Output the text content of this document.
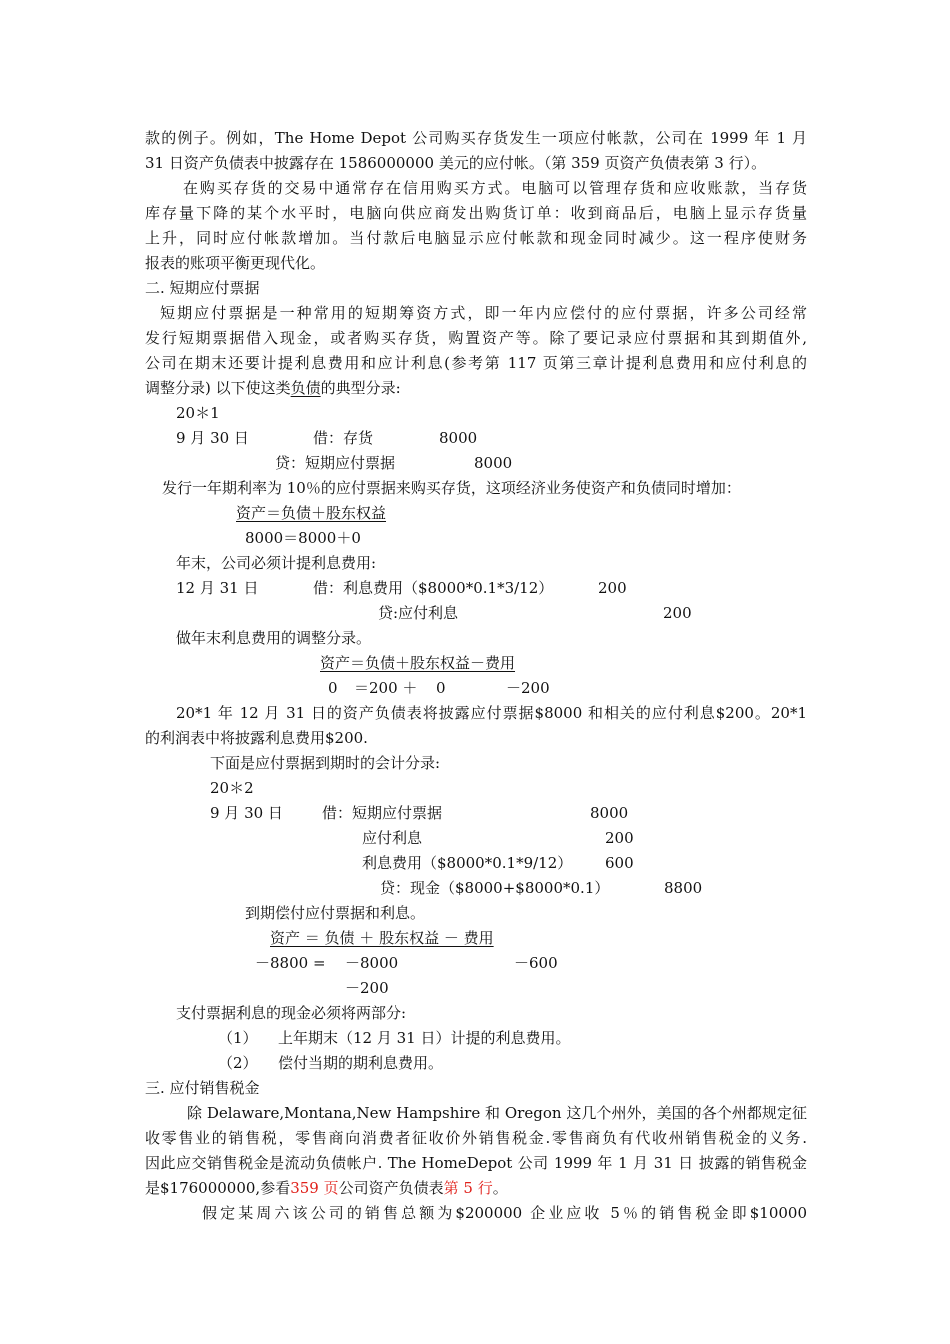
款的例子。例如，The Home Depot 公司购买存货发生一项应付帐款，公司在 1999 年 1 月
31 日资产负债表中披露存在 1586000000 美元的应付帐。（第 359 页资产负债表第 3 行）。
在购买存货的交易中通常存在信用购买方式。电脑可以管理存货和应收账款，当存货
库存量下降的某个水平时，电脑向供应商发出购货订单：收到商品后，电脑上显示存货量
上升，同时应付帐款增加。当付款后电脑显示应付帐款和现金同时减少。这一程序使财务
报表的账项平衡更现代化。
二. 短期应付票据
短期应付票据是一种常用的短期筹资方式，即一年内应偿付的应付票据，许多公司经常
发行短期票据借入现金，或者购买存货，购置资产等。除了要记录应付票据和其到期值外,
公司在期末还要计提利息费用和应计利息(参考第 117 页第三章计提利息费用和应付利息的
调整分录) 以下使这类负债的典型分录:
20＊1
9 月 30 日	借：存货	8000
贷：短期应付票据	8000
发行一年期利率为 10％的应付票据来购买存货，这项经济业务使资产和负债同时增加：
资产＝负债＋股东权益
8000＝8000＋0
年末，公司必须计提利息费用:
12 月 31 日	借：利息费用（$8000*0.1*3/12）	200
贷:应付利息	200
做年末利息费用的调整分录。
资产＝负债＋股东权益－费用
0 ＝200 ＋ 0	－200
20*1 年 12 月 31 日的资产负债表将披露应付票据$8000 和相关的应付利息$200。20*1
的利润表中将披露利息费用$200.
下面是应付票据到期时的会计分录:
20＊2
9 月 30 日	借：短期应付票据	8000
应付利息	200
利息费用（$8000*0.1*9/12） 600
贷：现金（$8000+$8000*0.1）	8800
到期偿付应付票据和利息。
资产 ＝ 负债 ＋ 股东权益 － 费用
－8800 = －8000	－600
－200
支付票据利息的现金必须将两部分:
（1） 上年期末（12 月 31 日）计提的利息费用。
（2） 偿付当期的期利息费用。
三. 应付销售税金
除 Delaware,Montana,New Hampshire 和 Oregon 这几个州外，美国的各个州都规定征
收零售业的销售税，零售商向消费者征收价外销售税金.零售商负有代收州销售税金的义务.
因此应交销售税金是流动负债帐户. The HomeDepot 公司 1999 年 1 月 31 日 披露的销售税金
是$176000000,参看359 页公司资产负债表第 5 行。
假定某周六该公司的销售总额为$200000 企业应收 5％的销售税金即$10000
